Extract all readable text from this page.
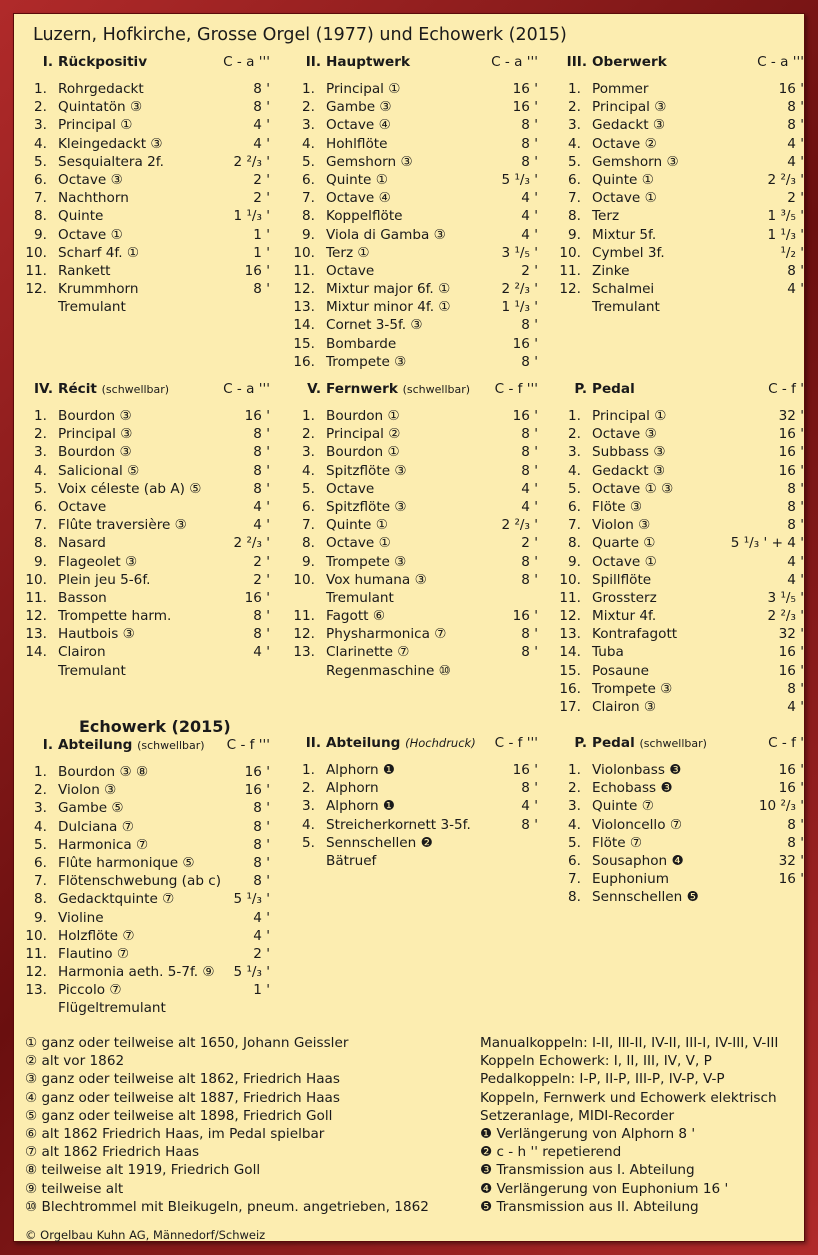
Luzern, Hofkirche, Grosse Orgel (1977) und Echowerk (2015)
Echowerk (2015)
① ganz oder teilweise alt 1650, Johann Geissler
② alt vor 1862
③ ganz oder teilweise alt 1862, Friedrich Haas
④ ganz oder teilweise alt 1887, Friedrich Haas
⑤ ganz oder teilweise alt 1898, Friedrich Goll
⑥ alt 1862 Friedrich Haas, im Pedal spielbar
⑦ alt 1862 Friedrich Haas
⑧ teilweise alt 1919, Friedrich Goll
⑨ teilweise alt
⑩ Blechtrommel mit Bleikugeln, pneum. angetrieben, 1862
Manualkoppeln: I-II, III-II, IV-II, III-I, IV-III, V-III
Koppeln Echowerk: I, II, III, IV, V, P
Pedalkoppeln: I-P, II-P, III-P, IV-P, V-P
Koppeln, Fernwerk und Echowerk elektrisch
Setzeranlage, MIDI-Recorder
❶ Verlängerung von Alphorn 8 '
❷ c - h '' repetierend
❸ Transmission aus I. Abteilung
❹ Verlängerung von Euphonium 16 '
❺ Transmission aus II. Abteilung
© Orgelbau Kuhn AG, Männedorf/Schweiz
I. Rückpositiv	C - a '''
1. Rohrgedackt	8 '
2. Quintatön ③	8 '
3. Principal ①	4 '
4. Kleingedackt ③	4 '
5. Sesquialtera 2f.	2 ²/₃ '
6. Octave ③	2 '
7. Nachthorn	2 '
8. Quinte	1 ¹/₃ '
9. Octave ①	1 '
10. Scharf 4f. ①	1 '
11. Rankett	16 '
12. Krummhorn	8 '
Tremulant
II. Hauptwerk	C - a '''
1. Principal ①	16 '
2. Gambe ③	16 '
3. Octave ④	8 '
4. Hohlflöte	8 '
5. Gemshorn ③	8 '
6. Quinte ①	5 ¹/₃ '
7. Octave ④	4 '
8. Koppelflöte	4 '
9. Viola di Gamba ③	4 '
10. Terz ①	3 ¹/₅ '
11. Octave	2 '
12. Mixtur major 6f. ①	2 ²/₃ '
13. Mixtur minor 4f. ①	1 ¹/₃ '
14. Cornet 3-5f. ③	8 '
15. Bombarde	16 '
16. Trompete ③	8 '
III. Oberwerk	C - a '''
1. Pommer	16 '
2. Principal ③	8 '
3. Gedackt ③	8 '
4. Octave ②	4 '
5. Gemshorn ③	4 '
6. Quinte ①	2 ²/₃ '
7. Octave ①	2 '
8. Terz	1 ³/₅ '
9. Mixtur 5f.	1 ¹/₃ '
10. Cymbel 3f.	¹/₂ '
11. Zinke	8 '
12. Schalmei	4 '
Tremulant
IV. Récit (schwellbar)	C - a '''
1. Bourdon ③	16 '
2. Principal ③	8 '
3. Bourdon ③	8 '
4. Salicional ⑤	8 '
5. Voix céleste (ab A) ⑤	8 '
6. Octave	4 '
7. Flûte traversière ③	4 '
8. Nasard	2 ²/₃ '
9. Flageolet ③	2 '
10. Plein jeu 5-6f.	2 '
11. Basson	16 '
12. Trompette harm.	8 '
13. Hautbois ③	8 '
14. Clairon	4 '
Tremulant
V. Fernwerk (schwellbar) C - f '''
1. Bourdon ①	16 '
2. Principal ②	8 '
3. Bourdon ①	8 '
4. Spitzflöte ③	8 '
5. Octave	4 '
6. Spitzflöte ③	4 '
7. Quinte ①	2 ²/₃ '
8. Octave ①	2 '
9. Trompete ③	8 '
10. Vox humana ③	8 '
Tremulant
11. Fagott ⑥	16 '
12. Physharmonica ⑦	8 '
13. Clarinette ⑦	8 '
Regenmaschine ⑩
P. Pedal	C - f '
1. Principal ①	32 '
2. Octave ③	16 '
3. Subbass ③	16 '
4. Gedackt ③	16 '
5. Octave ① ③	8 '
6. Flöte ③	8 '
7. Violon ③	8 '
8. Quarte ①	5 ¹/₃ ' + 4 '
9. Octave ①	4 '
10. Spillflöte	4 '
11. Grossterz	3 ¹/₅ '
12. Mixtur 4f.	2 ²/₃ '
13. Kontrafagott	32 '
14. Tuba	16 '
15. Posaune	16 '
16. Trompete ③	8 '
17. Clairon ③	4 '
I. Abteilung (schwellbar) C - f '''
1. Bourdon ③ ⑧	16 '
2. Violon ③	16 '
3. Gambe ⑤	8 '
4. Dulciana ⑦	8 '
5. Harmonica ⑦	8 '
6. Flûte harmonique ⑤	8 '
7. Flötenschwebung (ab c) 8 '
8. Gedacktquinte ⑦	5 ¹/₃ '
9. Violine	4 '
10. Holzflöte ⑦	4 '
11. Flautino ⑦	2 '
12. Harmonia aeth. 5-7f. ⑨ 5 ¹/₃ '
13. Piccolo ⑦	1 '
Flügeltremulant
II. Abteilung (Hochdruck) C - f '''
1. Alphorn ❶	16 '
2. Alphorn	8 '
3. Alphorn ❶	4 '
4. Streicherkornett 3-5f.	8 '
5. Sennschellen ❷
Bätruef
P. Pedal (schwellbar)	C - f '
1. Violonbass ❸	16 '
2. Echobass ❸	16 '
3. Quinte ⑦	10 ²/₃ '
4. Violoncello ⑦	8 '
5. Flöte ⑦	8 '
6. Sousaphon ❹	32 '
7. Euphonium	16 '
8. Sennschellen ❺
